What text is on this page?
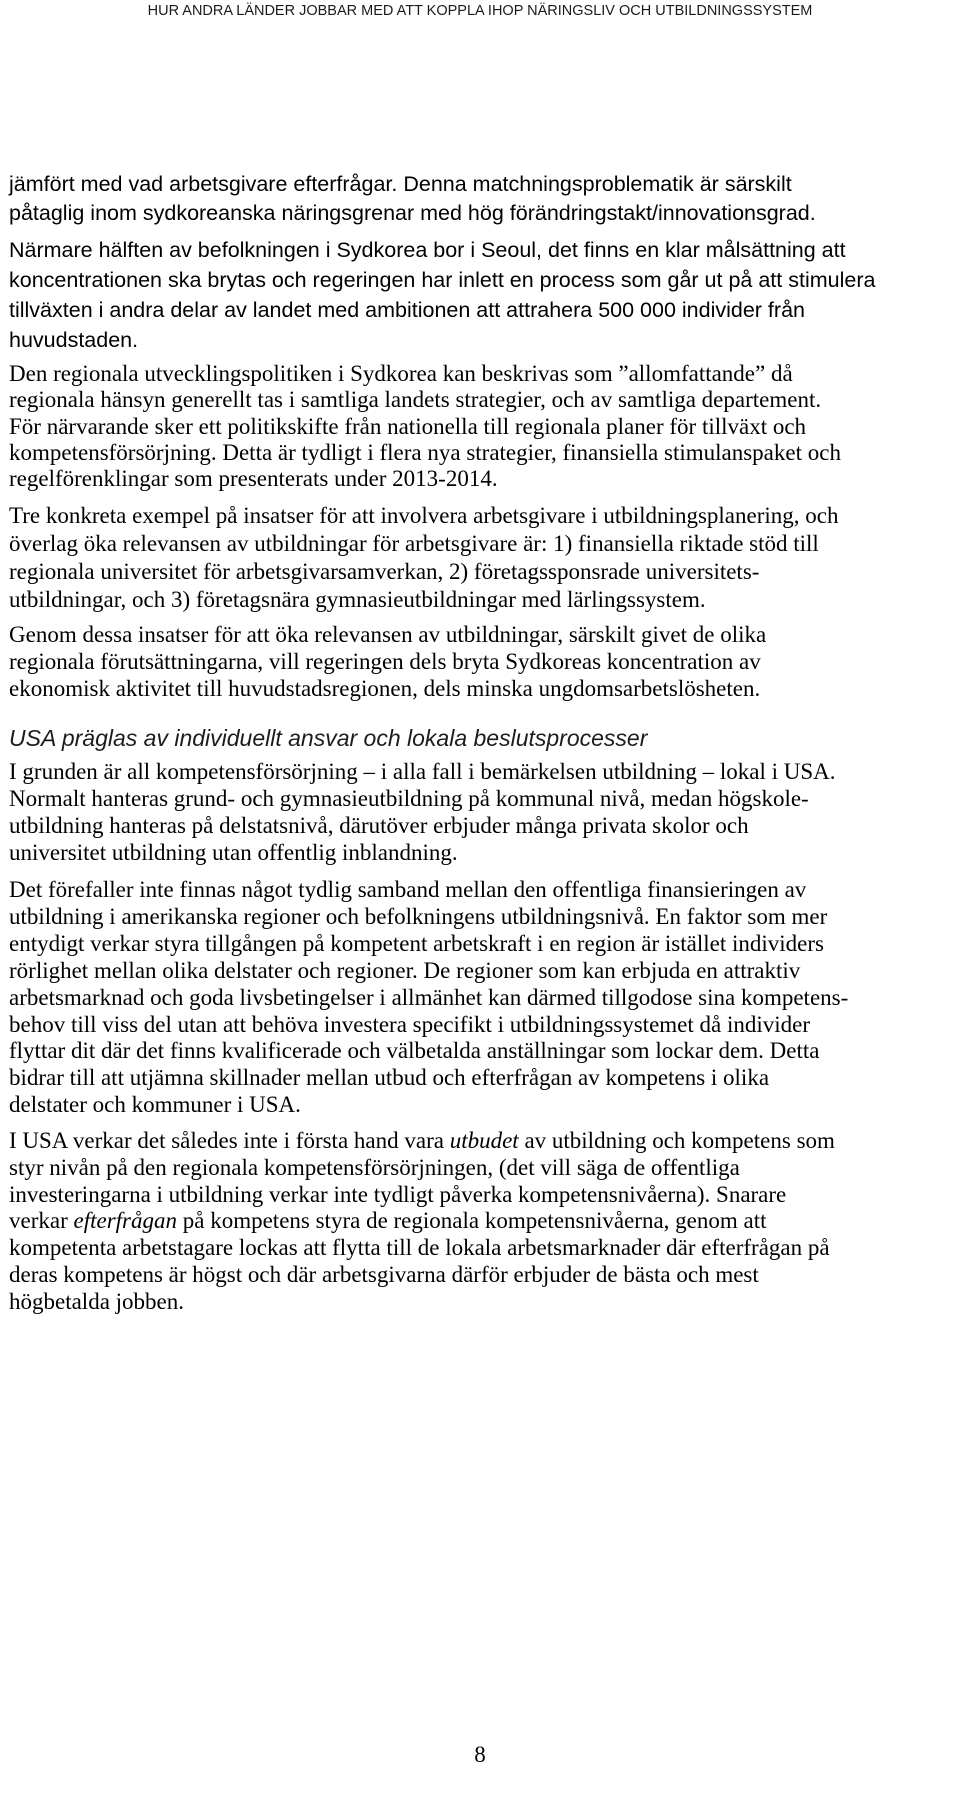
HUR ANDRA LÄNDER JOBBAR MED ATT KOPPLA IHOP NÄRINGSLIV OCH UTBILDNINGSSYSTEM
8
jämfört med vad arbetsgivare efterfrågar. Denna matchningsproblematik är särskilt
påtaglig inom sydkoreanska näringsgrenar med hög förändringstakt/innovationsgrad.
Närmare hälften av befolkningen i Sydkorea bor i Seoul, det finns en klar målsättning att
koncentrationen ska brytas och regeringen har inlett en process som går ut på att stimulera
tillväxten i andra delar av landet med ambitionen att attrahera 500 000 individer från
huvudstaden.
Den regionala utvecklingspolitiken i Sydkorea kan beskrivas som ”allomfattande” då
regionala hänsyn generellt tas i samtliga landets strategier, och av samtliga departement.
För närvarande sker ett politikskifte från nationella till regionala planer för tillväxt och
kompetensförsörjning. Detta är tydligt i flera nya strategier, finansiella stimulanspaket och
regelförenklingar som presenterats under 2013-2014.
Tre konkreta exempel på insatser för att involvera arbetsgivare i utbildningsplanering, och
överlag öka relevansen av utbildningar för arbetsgivare är: 1) finansiella riktade stöd till
regionala universitet för arbetsgivarsamverkan, 2) företagssponsrade universitets-
utbildningar, och 3) företagsnära gymnasieutbildningar med lärlingssystem.
Genom dessa insatser för att öka relevansen av utbildningar, särskilt givet de olika
regionala förutsättningarna, vill regeringen dels bryta Sydkoreas koncentration av
ekonomisk aktivitet till huvudstadsregionen, dels minska ungdomsarbetslösheten.
USA präglas av individuellt ansvar och lokala beslutsprocesser
I grunden är all kompetensförsörjning – i alla fall i bemärkelsen utbildning – lokal i USA.
Normalt hanteras grund- och gymnasieutbildning på kommunal nivå, medan högskole-
utbildning hanteras på delstatsnivå, därutöver erbjuder många privata skolor och
universitet utbildning utan offentlig inblandning.
Det förefaller inte finnas något tydlig samband mellan den offentliga finansieringen av
utbildning i amerikanska regioner och befolkningens utbildningsnivå. En faktor som mer
entydigt verkar styra tillgången på kompetent arbetskraft i en region är istället individers
rörlighet mellan olika delstater och regioner. De regioner som kan erbjuda en attraktiv
arbetsmarknad och goda livsbetingelser i allmänhet kan därmed tillgodose sina kompetens-
behov till viss del utan att behöva investera specifikt i utbildningssystemet då individer
flyttar dit där det finns kvalificerade och välbetalda anställningar som lockar dem. Detta
bidrar till att utjämna skillnader mellan utbud och efterfrågan av kompetens i olika
delstater och kommuner i USA.
I USA verkar det således inte i första hand vara utbudet av utbildning och kompetens som
styr nivån på den regionala kompetensförsörjningen, (det vill säga de offentliga
investeringarna i utbildning verkar inte tydligt påverka kompetensnivåerna). Snarare
verkar efterfrågan på kompetens styra de regionala kompetensnivåerna, genom att
kompetenta arbetstagare lockas att flytta till de lokala arbetsmarknader där efterfrågan på
deras kompetens är högst och där arbetsgivarna därför erbjuder de bästa och mest
högbetalda jobben.
